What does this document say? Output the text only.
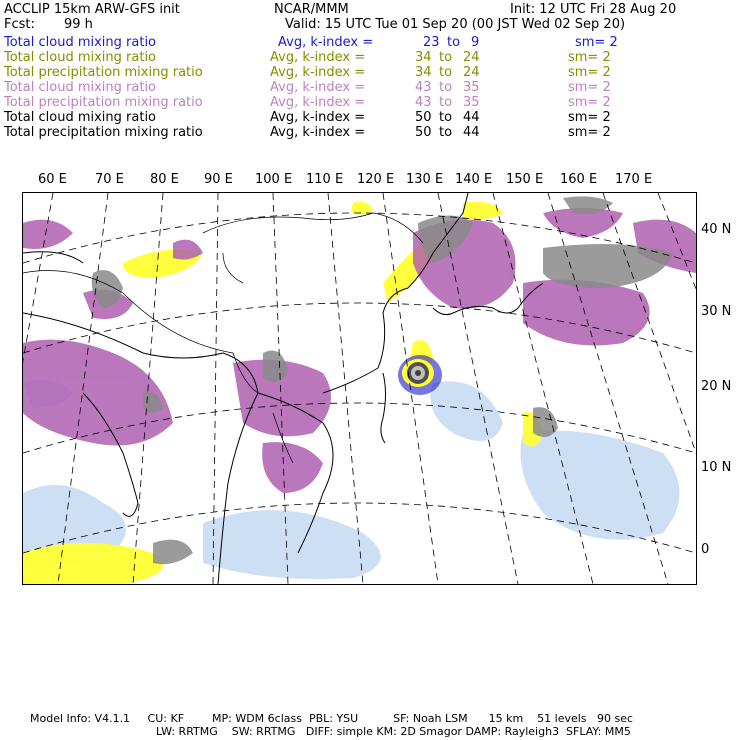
ACCLIP 15km ARW-GFS init	NCAR/MMM	Init: 12 UTC Fri 28 Aug 20
Fcst: 99 h	Valid: 15 UTC Tue 01 Sep 20 (00 JST Wed 02 Sep 20)
Total cloud mixing ratio	Avg, k-index =	23 to 9	sm= 2
Total cloud mixing ratio	Avg, k-index =	34 to 24	sm= 2
Total precipitation mixing ratio	Avg, k-index =	34 to 24	sm= 2
Total cloud mixing ratio	Avg, k-index =	43 to 35	sm= 2
Total precipitation mixing ratio	Avg, k-index =	43 to 35	sm= 2
Total cloud mixing ratio	Avg, k-index =	50 to 44	sm= 2
Total precipitation mixing ratio	Avg, k-index =	50 to 44	sm= 2
60 E 70 E 80 E 90 E 100 E 110 E 120 E 130 E 140 E 150 E 160 E 170 E
40 N
30 N
20 N
10 N
0
Model Info: V4.1.1     CU: KF        MP: WDM 6class  PBL: YSU          SF: Noah LSM      15 km    51 levels   90 sec
LW: RRTMG    SW: RRTMG   DIFF: simple KM: 2D Smagor DAMP: Rayleigh3  SFLAY: MM5
